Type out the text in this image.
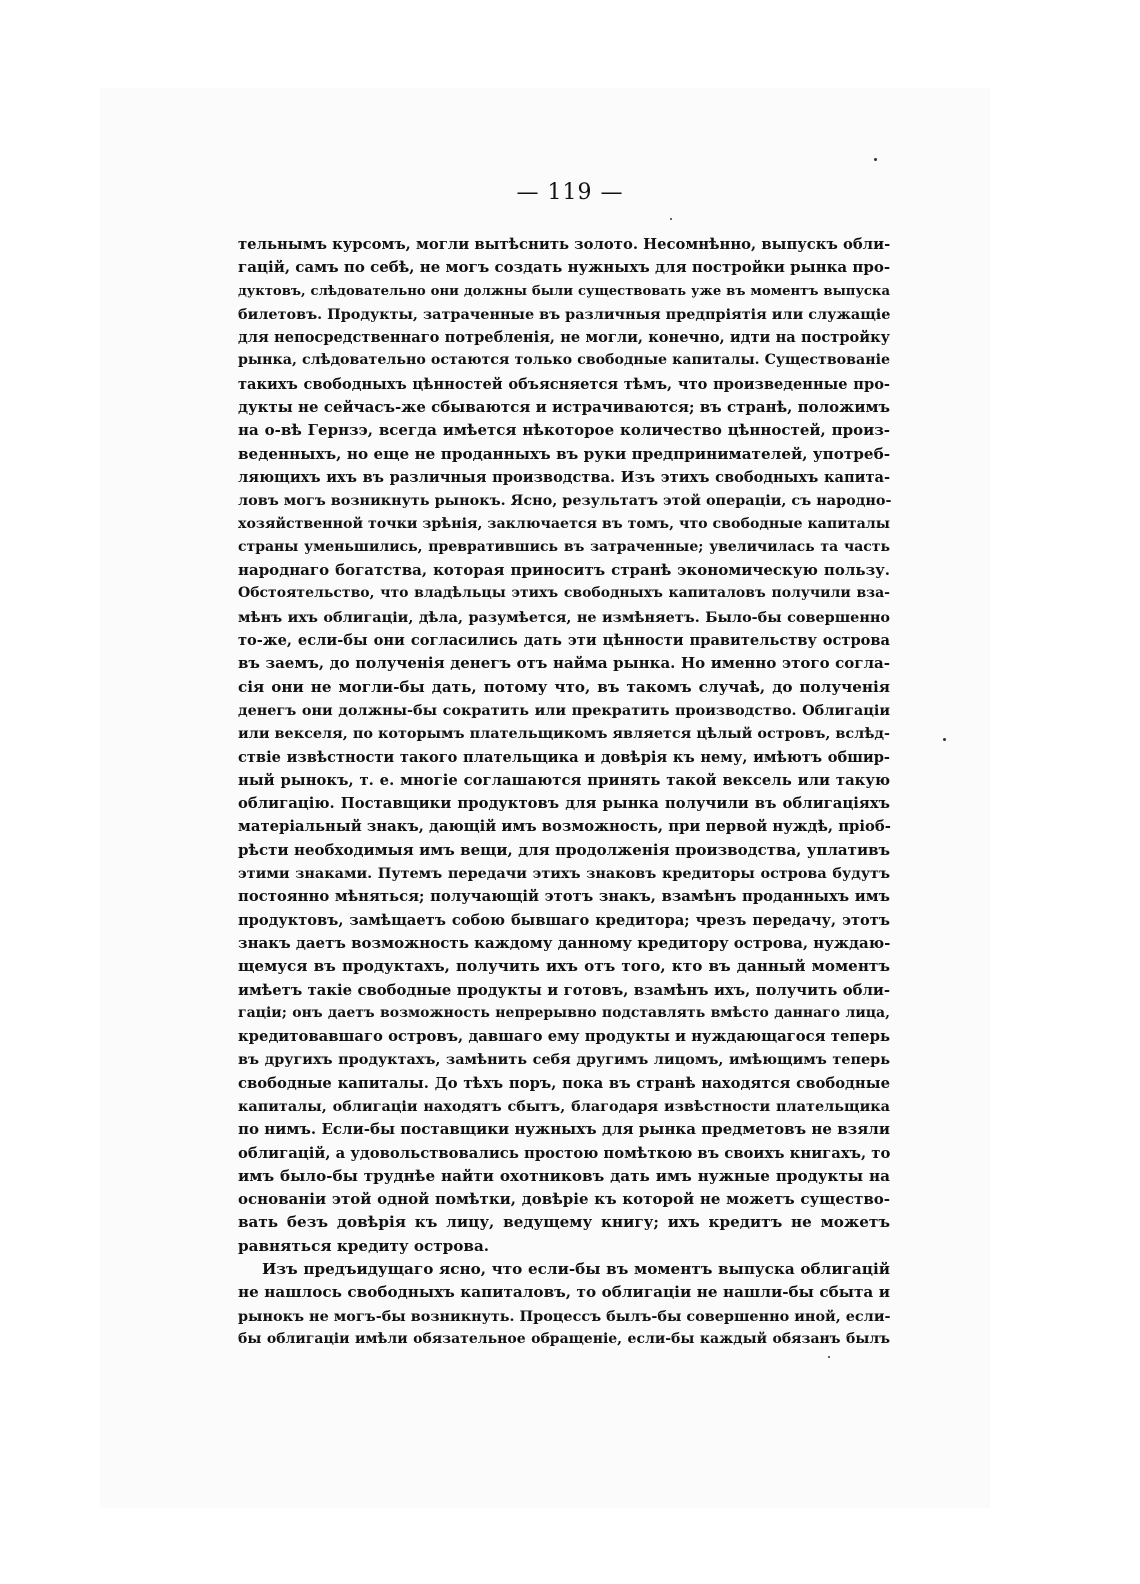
— 119 —
тельнымъ курсомъ, могли вытѣснить золото. Несомнѣнно, выпускъ обли-
гацій, самъ по себѣ, не могъ создать нужныхъ для постройки рынка про-
дуктовъ, слѣдовательно они должны были существовать уже въ моментъ выпуска
билетовъ. Продукты, затраченные въ различныя предпріятія или служащіе
для непосредственнаго потребленія, не могли, конечно, идти на постройку
рынка, слѣдовательно остаются только свободные капиталы. Существованіе
такихъ свободныхъ цѣнностей объясняется тѣмъ, что произведенные про-
дукты не сейчасъ-же сбываются и истрачиваются; въ странѣ, положимъ
на о-вѣ Гернзэ, всегда имѣется нѣкоторое количество цѣнностей, произ-
веденныхъ, но еще не проданныхъ въ руки предпринимателей, употреб-
ляющихъ ихъ въ различныя производства. Изъ этихъ свободныхъ капита-
ловъ могъ возникнуть рынокъ. Ясно, результатъ этой операціи, съ народно-
хозяйственной точки зрѣнія, заключается въ томъ, что свободные капиталы
страны уменьшились, превратившись въ затраченные; увеличилась та часть
народнаго богатства, которая приноситъ странѣ экономическую пользу.
Обстоятельство, что владѣльцы этихъ свободныхъ капиталовъ получили вза-
мѣнъ ихъ облигаціи, дѣла, разумѣется, не измѣняетъ. Было-бы совершенно
то-же, если-бы они согласились дать эти цѣнности правительству острова
въ заемъ, до полученія денегъ отъ найма рынка. Но именно этого согла-
сія они не могли-бы дать, потому что, въ такомъ случаѣ, до полученія
денегъ они должны-бы сократить или прекратить производство. Облигаціи
или векселя, по которымъ плательщикомъ является цѣлый островъ, вслѣд-
ствіе извѣстности такого плательщика и довѣрія къ нему, имѣютъ обшир-
ный рынокъ, т. е. многіе соглашаются принять такой вексель или такую
облигацію. Поставщики продуктовъ для рынка получили въ облигаціяхъ
матеріальный знакъ, дающій имъ возможность, при первой нуждѣ, пріоб-
рѣсти необходимыя имъ вещи, для продолженія производства, уплативъ
этими знаками. Путемъ передачи этихъ знаковъ кредиторы острова будутъ
постоянно мѣняться; получающій этотъ знакъ, взамѣнъ проданныхъ имъ
продуктовъ, замѣщаетъ собою бывшаго кредитора; чрезъ передачу, этотъ
знакъ даетъ возможность каждому данному кредитору острова, нуждаю-
щемуся въ продуктахъ, получить ихъ отъ того, кто въ данный моментъ
имѣетъ такіе свободные продукты и готовъ, взамѣнъ ихъ, получить обли-
гаціи; онъ даетъ возможность непрерывно подставлять вмѣсто даннаго лица,
кредитовавшаго островъ, давшаго ему продукты и нуждающагося теперь
въ другихъ продуктахъ, замѣнить себя другимъ лицомъ, имѣющимъ теперь
свободные капиталы. До тѣхъ поръ, пока въ странѣ находятся свободные
капиталы, облигаціи находятъ сбытъ, благодаря извѣстности плательщика
по нимъ. Если-бы поставщики нужныхъ для рынка предметовъ не взяли
облигацій, а удовольствовались простою помѣткою въ своихъ книгахъ, то
имъ было-бы труднѣе найти охотниковъ дать имъ нужные продукты на
основаніи этой одной помѣтки, довѣріе къ которой не можетъ существо-
вать безъ довѣрія къ лицу, ведущему книгу; ихъ кредитъ не можетъ
равняться кредиту острова.
Изъ предъидущаго ясно, что если-бы въ моментъ выпуска облигацій
не нашлось свободныхъ капиталовъ, то облигаціи не нашли-бы сбыта и
рынокъ не могъ-бы возникнуть. Процессъ былъ-бы совершенно иной, если-
бы облигаціи имѣли обязательное обращеніе, если-бы каждый обязанъ былъ
